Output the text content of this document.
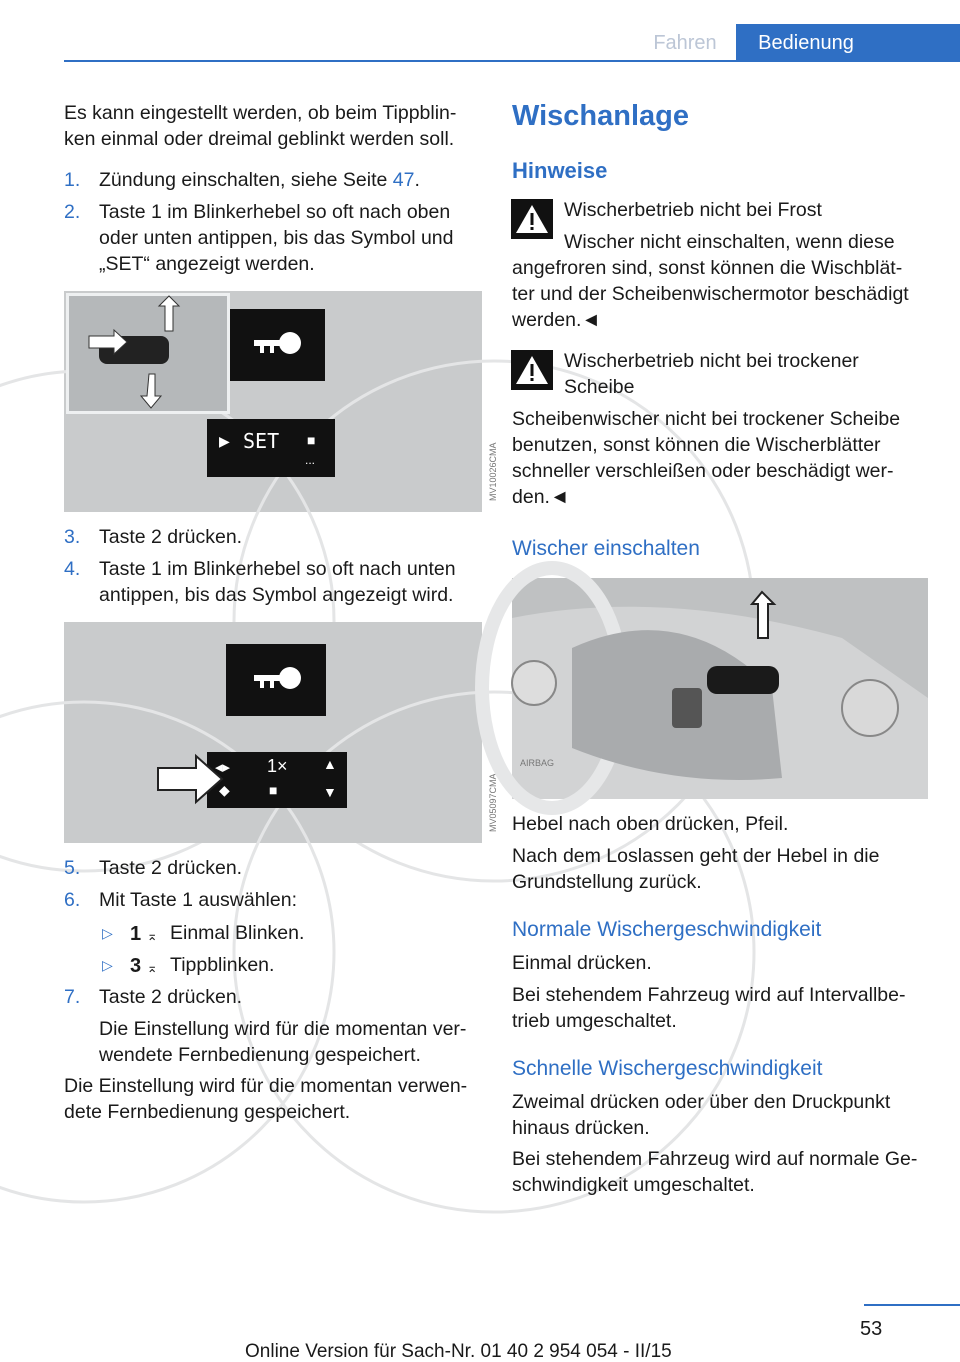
Fahren	Bedienung
Es kann eingestellt werden, ob beim Tippblin-
ken einmal oder dreimal geblinkt werden soll.
1. Zündung einschalten, siehe Seite 47.
2. Taste 1 im Blinkerhebel so oft nach oben
oder unten antippen, bis das Symbol und
„SET“ angezeigt werden.
▶ SET ■
...	MV10026CMA
3. Taste 2 drücken.
4. Taste 1 im Blinkerhebel so oft nach unten
antippen, bis das Symbol angezeigt wird.
◂▸ 1×	▲
◆	■	▼	MV05097CMA
5. Taste 2 drücken.
6. Mit Taste 1 auswählen:
▷ 1 ⌅ Einmal Blinken.
▷ 3 ⌅ Tippblinken.
7. Taste 2 drücken.
Die Einstellung wird für die momentan ver-
wendete Fernbedienung gespeichert.
Die Einstellung wird für die momentan verwen-
dete Fernbedienung gespeichert.
Wischanlage
Hinweise
Wischerbetrieb nicht bei Frost
Wischer nicht einschalten, wenn diese
angefroren sind, sonst können die Wischblät-
ter und der Scheibenwischermotor beschädigt
werden.◄
Wischerbetrieb nicht bei trockener
Scheibe
Scheibenwischer nicht bei trockener Scheibe
benutzen, sonst können die Wischerblätter
schneller verschleißen oder beschädigt wer-
den.◄
Wischer einschalten
AIRBAG
Hebel nach oben drücken, Pfeil.
Nach dem Loslassen geht der Hebel in die
Grundstellung zurück.
Normale Wischergeschwindigkeit
Einmal drücken.
Bei stehendem Fahrzeug wird auf Intervallbe-
trieb umgeschaltet.
Schnelle Wischergeschwindigkeit
Zweimal drücken oder über den Druckpunkt
hinaus drücken.
Bei stehendem Fahrzeug wird auf normale Ge-
schwindigkeit umgeschaltet.
53
Online Version für Sach-Nr. 01 40 2 954 054 - II/15
